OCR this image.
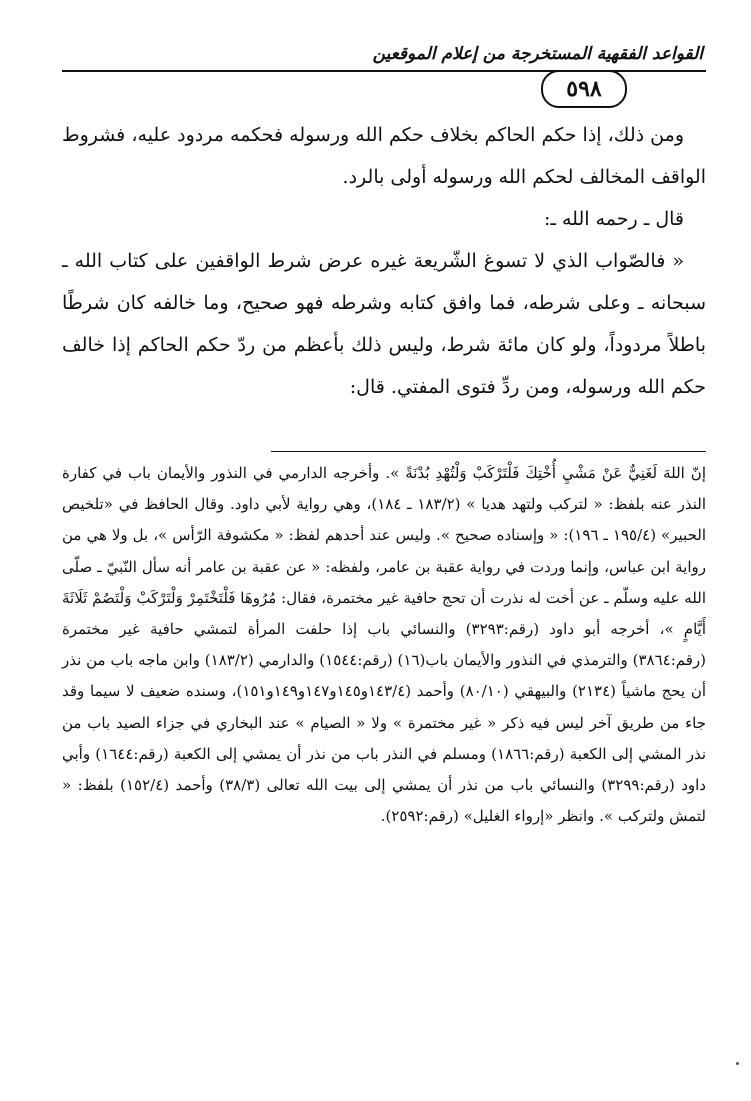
القواعد الفقهية المستخرجة من إعلام الموقعين
٥٩٨

ومن ذلك، إذا حكم الحاكم بخلاف حكم الله ورسوله فحكمه مردود عليه، فشروط الواقف المخالف لحكم الله ورسوله أولى بالرد.

قال ـ رحمه الله ـ:

« فالصّواب الذي لا تسوغ الشّريعة غيره عرض شرط الواقفين على كتاب الله ـ سبحانه ـ وعلى شرطه، فما وافق كتابه وشرطه فهو صحيح، وما خالفه كان شرطًا باطلاً مردوداً، ولو كان مائة شرط، وليس ذلك بأعظم من ردّ حكم الحاكم إذا خالف حكم الله ورسوله، ومن ردِّ فتوى المفتي. قال:

إنّ اللهَ لَغَنِيٌّ عَنْ مَشْيِ أُخْتِكَ فَلْتَرْكَبْ وَلْتُهْدِ بُدْنَةً ». وأخرجه الدارمي في النذور والأيمان باب في كفارة النذر عنه بلفظ: « لتركب ولتهد هديا » (١٨٣/٢ ـ ١٨٤)، وهي رواية لأبي داود. وقال الحافظ في «تلخيص الحبير» (١٩٥/٤ ـ ١٩٦): « وإسناده صحيح ». وليس عند أحدهم لفظ: « مكشوفة الرّأس »، بل ولا هي من رواية ابن عباس، وإنما وردت في رواية عقبة بن عامر، ولفظه: « عن عقبة بن عامر أنه سأل النّبيّ ـ صلّى الله عليه وسلّم ـ عن أخت له نذرت أن تحج حافية غير مختمرة، فقال: مُرُوهَا فَلْتَخْتَمِرْ وَلْتَرْكَبْ وَلْتَصُمْ ثَلَاثَةَ أَيَّامٍ »، أخرجه أبو داود (رقم:٣٢٩٣) والنسائي باب إذا حلفت المرأة لتمشي حافية غير مختمرة (رقم:٣٨٦٤) والترمذي في النذور والأيمان باب(١٦) (رقم:١٥٤٤) والدارمي (١٨٣/٢) وابن ماجه باب من نذر أن يحج ماشياً (٢١٣٤) والبيهقي (٨٠/١٠) وأحمد (١٤٣/٤و١٤٥و١٤٧و١٤٩و١٥١)، وسنده ضعيف لا سيما وقد جاء من طريق آخر ليس فيه ذكر « غير مختمرة » ولا « الصيام » عند البخاري في جزاء الصيد باب من نذر المشي إلى الكعبة (رقم:١٨٦٦) ومسلم في النذر باب من نذر أن يمشي إلى الكعبة (رقم:١٦٤٤) وأبي داود (رقم:٣٢٩٩) والنسائي باب من نذر أن يمشي إلى بيت الله تعالى (٣٨/٣) وأحمد (١٥٢/٤) بلفظ: « لتمش ولتركب ». وانظر «إرواء الغليل» (رقم:٢٥٩٢).
